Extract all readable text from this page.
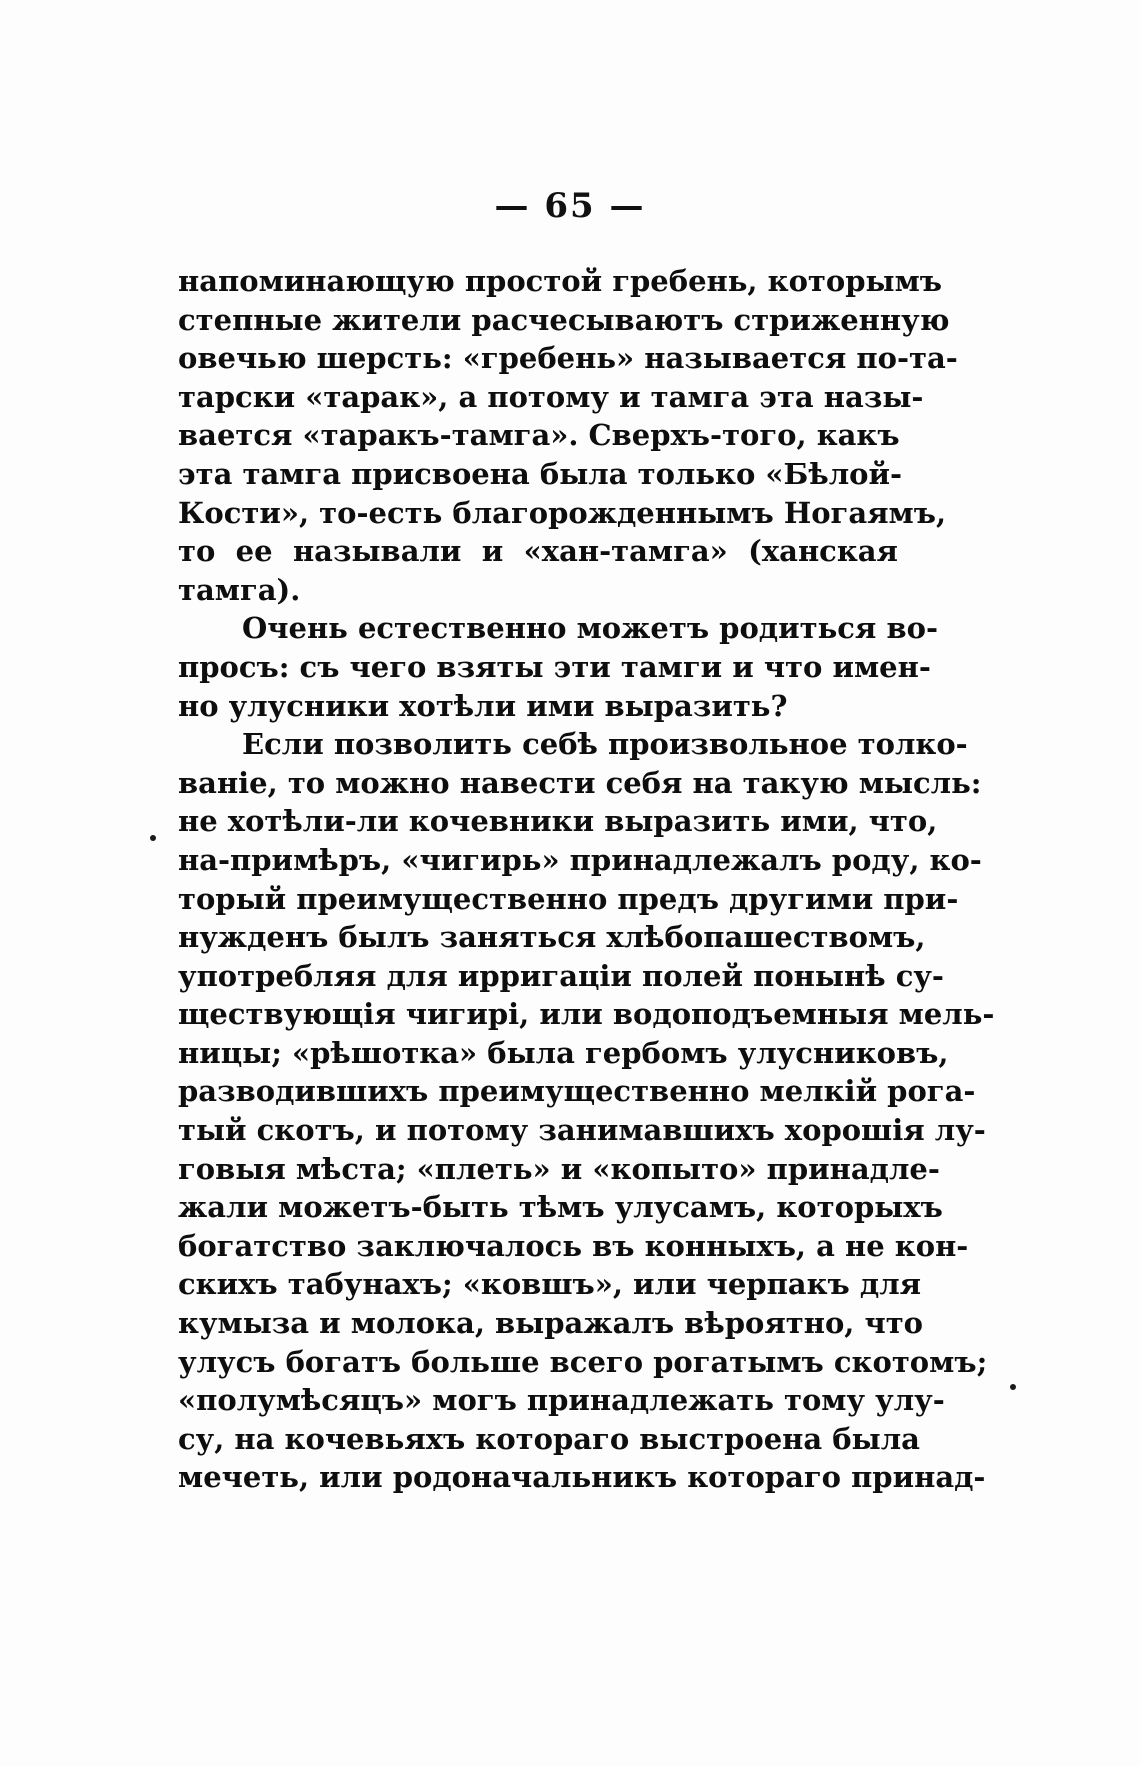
— 65 —
напоминающую простой гребень, которымъ
степные жители расчесываютъ стриженную
овечью шерсть: «гребень» называется по-та-
тарски «тарак», а потому и тамга эта назы-
вается «таракъ-тамга». Сверхъ-того, какъ
эта тамга присвоена была только «Бѣлой-
Кости», то-есть благорожденнымъ Ногаямъ,
то ее называли и «хан-тамга» (ханская
тамга).
Очень естественно можетъ родиться во-
просъ: съ чего взяты эти тамги и что имен-
но улусники хотѣли ими выразить?
Если позволить себѣ произвольное толко-
ваніе, то можно навести себя на такую мысль:
не хотѣли-ли кочевники выразить ими, что,
на-примѣръ, «чигирь» принадлежалъ роду, ко-
торый преимущественно предъ другими при-
нужденъ былъ заняться хлѣбопашествомъ,
употребляя для ирригаціи полей понынѣ су-
ществующія чигирі, или водоподъемныя мель-
ницы; «рѣшотка» была гербомъ улусниковъ,
разводившихъ преимущественно мелкій рогa-
тый скотъ, и потому занимавшихъ хорошія лу-
говыя мѣста; «плеть» и «копыто» принадле-
жали можетъ-быть тѣмъ улусамъ, которыхъ
богатство заключалось въ конныхъ, а не кон-
скихъ табунахъ; «ковшъ», или черпакъ для
кумыза и молока, выражалъ вѣроятно, что
улусъ богатъ больше всего рогатымъ скотомъ;
«полумѣсяцъ» могъ принадлежать тому улу-
су, на кочевьяхъ котораго выстроена была
мечеть, или родоначальникъ котораго принад-
